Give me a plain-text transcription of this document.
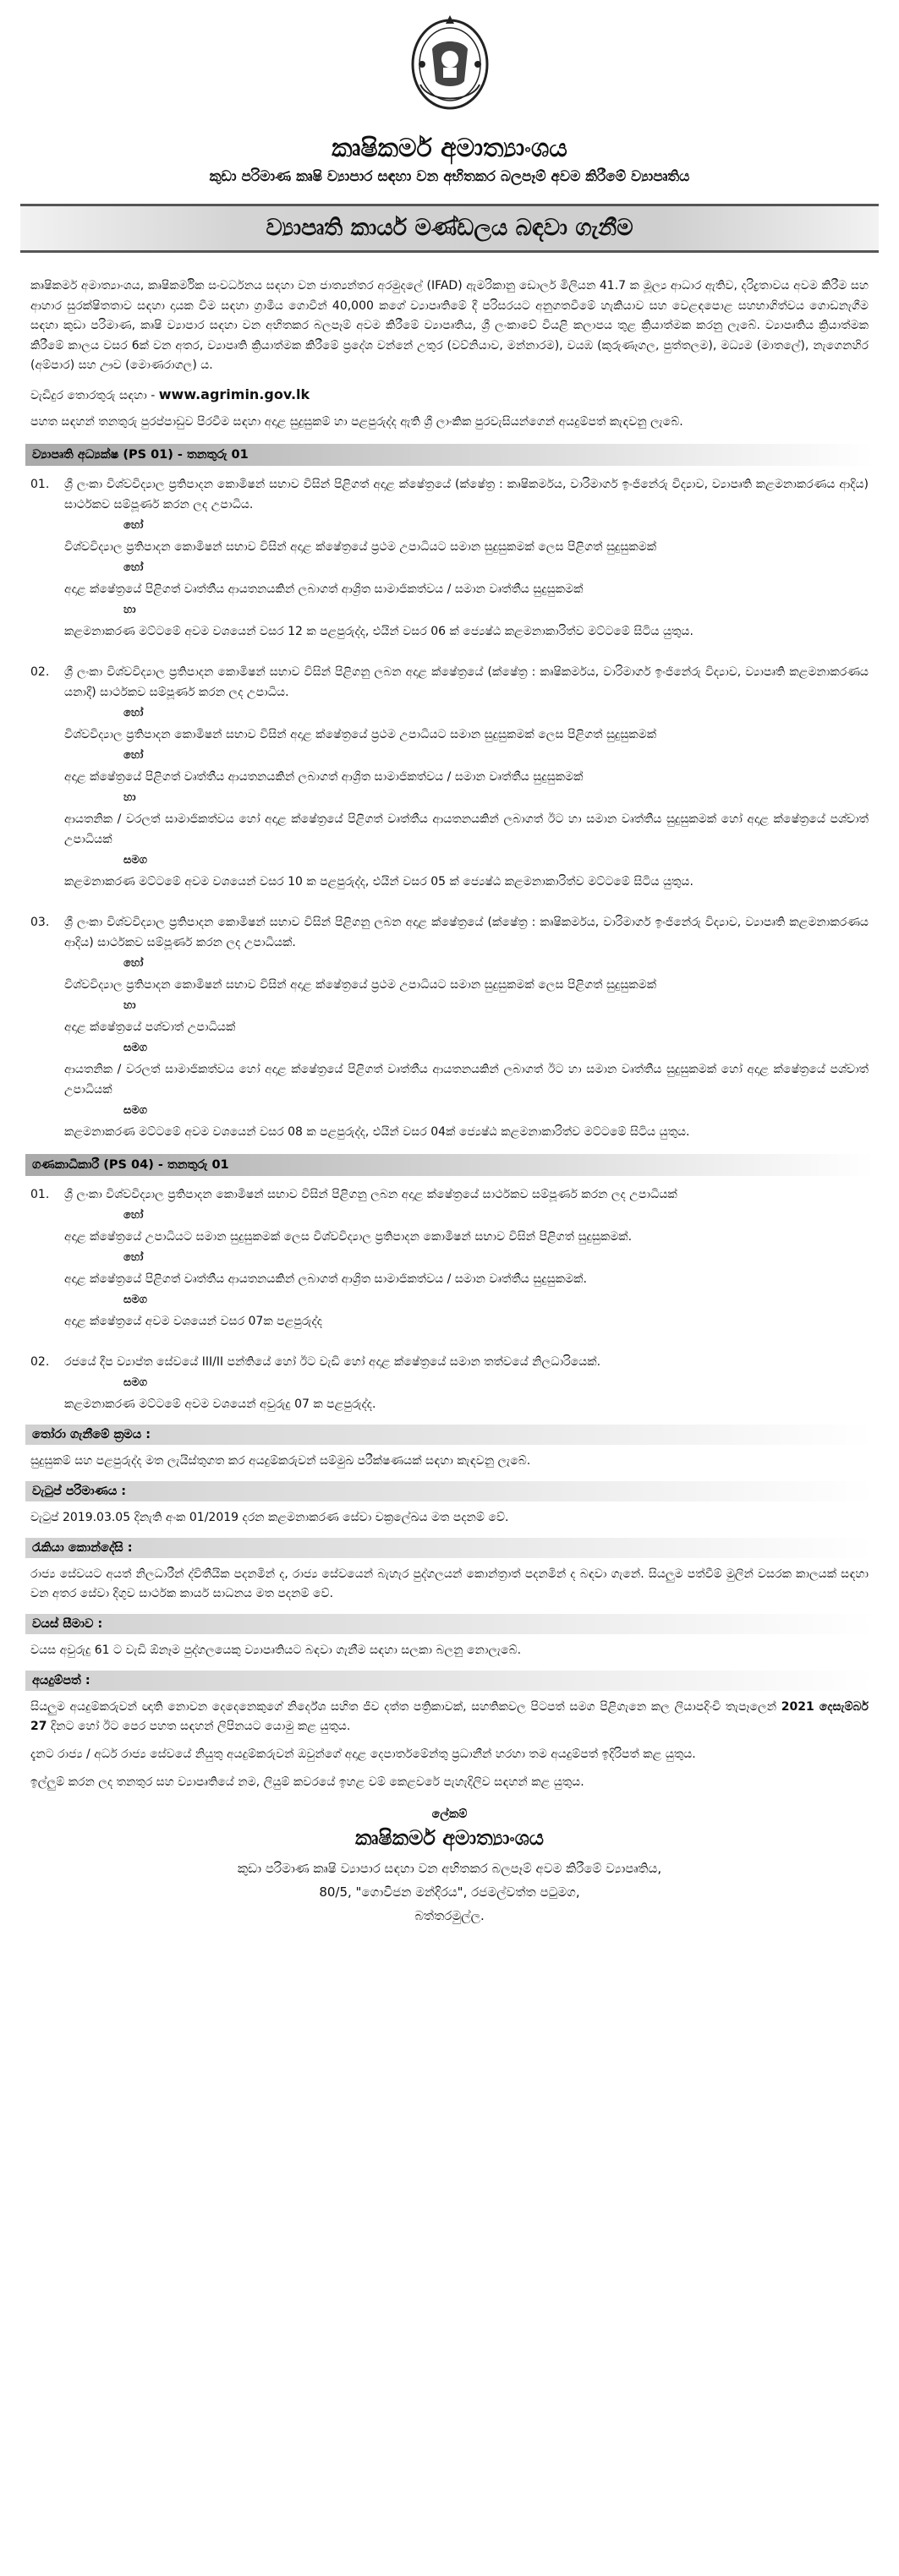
කෘෂිකර්ම අමාත්‍යාංශය
කුඩා පරිමාණ කෘෂි ව්‍යාපාර සඳහා වන අභිතකර බලපෑම් අවම කිරීමේ ව්‍යාපෘතිය
ව්‍යාපෘති කාර්ය මණ්ඩලය බඳවා ගැනීම

කෘෂිකර්ම අමාත්‍යාංශය, කෘෂිකර්මික සංවර්ධනය සඳහා වන ජාත්‍යන්තර අරමුදලේ (IFAD) ඇමරිකානු ඩොලර් මිලියන 41.7 ක මූල්‍ය ආධාර ඇතිව, දරිද්‍රතාවය අවම කිරීම සහ ආහාර සුරක්ෂිතතාව සඳහා දායක වීම සඳහා ග්‍රාමීය ගොවීන් 40,000 කගේ ව්‍යාපෘතිමේ දී පරිසරයට අනුගතවීමේ හැකියාව සහ වෙළඳපොළ සහභාගිත්වය ගොඩනැගීම සඳහා කුඩා පරිමාණ, කෘෂි ව්‍යාපාර සඳහා වන අභිතකර බලපෑම් අවම කිරීමේ ව්‍යාපෘතිය, ශ්‍රී ලංකාවේ වියළි කලාපය තුළ ක්‍රියාත්මක කරනු ලැබේ. ව්‍යාපෘතිය ක්‍රියාත්මක කිරීමේ කාලය වසර 6ක් වන අතර, ව්‍යාපෘති ක්‍රියාත්මක කිරීමේ ප්‍රදේශ වන්නේ උතුර (වව්නියාව, මන්නාරම), වයඹ (කුරුණෑගල, පුත්තලම), මධ්‍යම (මාතලේ), නැගෙනහිර (අම්පාර) සහ ඌව (මොණරාගල) ය.

වැඩිදුර තොරතුරු සඳහා - www.agrimin.gov.lk

පහත සඳහන් තනතුරු පුරප්පාඩුව පිරවීම සඳහා අදාළ සුදුසුකම් හා පළපුරුද්ද ඇති ශ්‍රී ලාංකික පුරවැසියන්ගෙන් අයදුම්පත් කැඳවනු ලැබේ.

ව්‍යාපෘති අධ්‍යක්ෂ (PS 01) - තනතුරු 01
01.	ශ්‍රී ලංකා විශ්වවිද්‍යාල ප්‍රතිපාදන කොමිෂන් සභාව විසින් පිළිගත් අදාළ ක්ෂේත්‍රයේ (ක්ෂේත්‍ර : කෘෂිකර්මය, වාරිමාර්ග ඉංජිනේරු විද්‍යාව, ව්‍යාපෘති කළමනාකරණය ආදිය) සාර්ථකව සම්පූර්ණ කරන ලද උපාධිය.
හෝ
විශ්වවිද්‍යාල ප්‍රතිපාදන කොමිෂන් සභාව විසින් අදාළ ක්ෂේත්‍රයේ ප්‍රථම උපාධියට සමාන සුදුසුකමක් ලෙස පිළිගත් සුදුසුකමක්
හෝ
අදාළ ක්ෂේත්‍රයේ පිළිගත් වෘත්තීය ආයතනයකින් ලබාගත් ආශ්‍රිත සාමාජිකත්වය / සමාන වෘත්තීය සුදුසුකමක්
හා
කළමනාකරණ මට්ටමේ අවම වශයෙන් වසර 12 ක පළපුරුද්ද, එයින් වසර 06 ක් ජ්‍යෙෂ්ඨ කළමනාකාරිත්ව මට්ටමේ සිටිය යුතුය.
02.	ශ්‍රී ලංකා විශ්වවිද්‍යාල ප්‍රතිපාදන කොමිෂන් සභාව විසින් පිළිගනු ලබන අදාළ ක්ෂේත්‍රයේ (ක්ෂේත්‍ර : කෘෂිකර්මය, වාරිමාර්ග ඉංජිනේරු විද්‍යාව, ව්‍යාපෘති කළමනාකරණය යනාදී) සාර්ථකව සම්පූර්ණ කරන ලද උපාධිය.
හෝ
විශ්වවිද්‍යාල ප්‍රතිපාදන කොමිෂන් සභාව විසින් අදාළ ක්ෂේත්‍රයේ ප්‍රථම උපාධියට සමාන සුදුසුකමක් ලෙස පිළිගත් සුදුසුකමක්
හෝ
අදාළ ක්ෂේත්‍රයේ පිළිගත් වෘත්තීය ආයතනයකින් ලබාගත් ආශ්‍රිත සාමාජිකත්වය / සමාන වෘත්තීය සුදුසුකමක්
හා
ආයතනික / වරලත් සාමාජිකත්වය හෝ අදාළ ක්ෂේත්‍රයේ පිළිගත් වෘත්තීය ආයතනයකින් ලබාගත් ඊට හා සමාන වෘත්තීය සුදුසුකමක් හෝ අදාළ ක්ෂේත්‍රයේ පශ්චාත් උපාධියක්
සමග
කළමනාකරණ මට්ටමේ අවම වශයෙන් වසර 10 ක පළපුරුද්ද, එයින් වසර 05 ක් ජ්‍යෙෂ්ඨ කළමනාකාරිත්ව මට්ටමේ සිටිය යුතුය.
03.	ශ්‍රී ලංකා විශ්වවිද්‍යාල ප්‍රතිපාදන කොමිෂන් සභාව විසින් පිළිගනු ලබන අදාළ ක්ෂේත්‍රයේ (ක්ෂේත්‍ර : කෘෂිකර්මය, වාරිමාර්ග ඉංජිනේරු විද්‍යාව, ව්‍යාපෘති කළමනාකරණය ආදිය) සාර්ථකව සම්පූර්ණ කරන ලද උපාධියක්.
හෝ
විශ්වවිද්‍යාල ප්‍රතිපාදන කොමිෂන් සභාව විසින් අදාළ ක්ෂේත්‍රයේ ප්‍රථම උපාධියට සමාන සුදුසුකමක් ලෙස පිළිගත් සුදුසුකමක්
හා
අදාළ ක්ෂේත්‍රයේ පශ්චාත් උපාධියක්
සමග
ආයතනික / වරලත් සාමාජිකත්වය හෝ අදාළ ක්ෂේත්‍රයේ පිළිගත් වෘත්තීය ආයතනයකින් ලබාගත් ඊට හා සමාන වෘත්තීය සුදුසුකමක් හෝ අදාළ ක්ෂේත්‍රයේ පශ්චාත් උපාධියක්
සමග
කළමනාකරණ මට්ටමේ අවම වශයෙන් වසර 08 ක පළපුරුද්ද, එයින් වසර 04ක් ජ්‍යෙෂ්ඨ කළමනාකාරිත්ව මට්ටමේ සිටිය යුතුය.
ගණකාධිකාරී (PS 04) - තනතුරු 01
01.	ශ්‍රී ලංකා විශ්වවිද්‍යාල ප්‍රතිපාදන කොමිෂන් සභාව විසින් පිළිගනු ලබන අදාළ ක්ෂේත්‍රයේ සාර්ථකව සම්පූර්ණ කරන ලද උපාධියක්
හෝ
අදාළ ක්ෂේත්‍රයේ උපාධියට සමාන සුදුසුකමක් ලෙස විශ්වවිද්‍යාල ප්‍රතිපාදන කොමිෂන් සභාව විසින් පිළිගත් සුදුසුකමක්.
හෝ
අදාළ ක්ෂේත්‍රයේ පිළිගත් වෘත්තීය ආයතනයකින් ලබාගත් ආශ්‍රිත සාමාජිකත්වය / සමාන වෘත්තීය සුදුසුකමක්.
සමග
අදාළ ක්ෂේත්‍රයේ අවම වශයෙන් වසර 07ක පළපුරුද්ද
02.	රජයේ දීප ව්‍යාප්ත සේවයේ III/II පන්තියේ හෝ ඊට වැඩි හෝ අදාළ ක්ෂේත්‍රයේ සමාන තත්වයේ නිලධාරියෙක්.
සමග
කළමනාකරණ මට්ටමේ අවම වශයෙන් අවුරුදු 07 ක පළපුරුද්ද.
තෝරා ගැනීමේ ක්‍රමය :
සුදුසුකම් සහ පළපුරුද්ද මත ලැයිස්තුගත කර අයදුම්කරුවන් සම්මුඛ පරීක්ෂණයක් සඳහා කැඳවනු ලැබේ.
වැටුප් පරිමාණය :
වැටුප් 2019.03.05 දිනැති අංක 01/2019 දරන කළමනාකරණ සේවා චක්‍රලේඛය මත පදනම් වේ.
රැකියා කොන්දේසි :
රාජ්‍ය සේවයට අයත් නිලධාරීන් ද්විතීයික පදනමින් ද, රාජ්‍ය සේවයෙන් බැහැර පුද්ගලයන් කොන්ත්‍රාත් පදනමින් ද බඳවා ගැනේ. සියලුම පත්වීම් මුලින් වසරක කාලයක් සඳහා වන අතර සේවා දිගුව සාර්ථක කාර්ය සාධනය මත පදනම් වේ.
වයස් සීමාව :
වයස අවුරුදු 61 ට වැඩි ඕනෑම පුද්ගලයෙකු ව්‍යාපෘතියට බඳවා ගැනීම සඳහා සලකා බලනු නොලැබේ.
අයදුම්පත් :
සියලුම අයදුම්කරුවන් ඥාති නොවන දෙදෙනෙකුගේ නිර්දේශ සහිත ජීව දත්ත පත්‍රිකාවක්, සහතිකවල පිටපත් සමග පිළිගැනෙ කල ලියාපදිංචි තැපෑලෙන් 2021 දෙසැම්බර් 27 දිනට හෝ ඊට පෙර පහත සඳහන් ලිපිනයට යොමු කළ යුතුය.
දැනට රාජ්‍ය / අර්ධ රාජ්‍ය සේවයේ නියුතු අයදුම්කරුවන් ඔවුන්ගේ අදාළ දෙපාර්තමේන්තු ප්‍රධානීන් හරහා තම අයදුම්පත් ඉදිරිපත් කළ යුතුය.
ඉල්ලුම් කරන ලද තනතුර සහ ව්‍යාපෘතියේ නම, ලියුම් කවරයේ ඉහළ වම් කෙළවරේ පැහැදිලිව සඳහන් කළ යුතුය.
ලේකම්
කෘෂිකර්ම අමාත්‍යාංශය
කුඩා පරිමාණ කෘෂි ව්‍යාපාර සඳහා වන අභිතකර බලපෑම් අවම කිරීමේ ව්‍යාපෘතිය,
80/5, "ගොවිජන මන්දිරය", රජමල්වත්ත පටුමග,
බත්තරමුල්ල.
